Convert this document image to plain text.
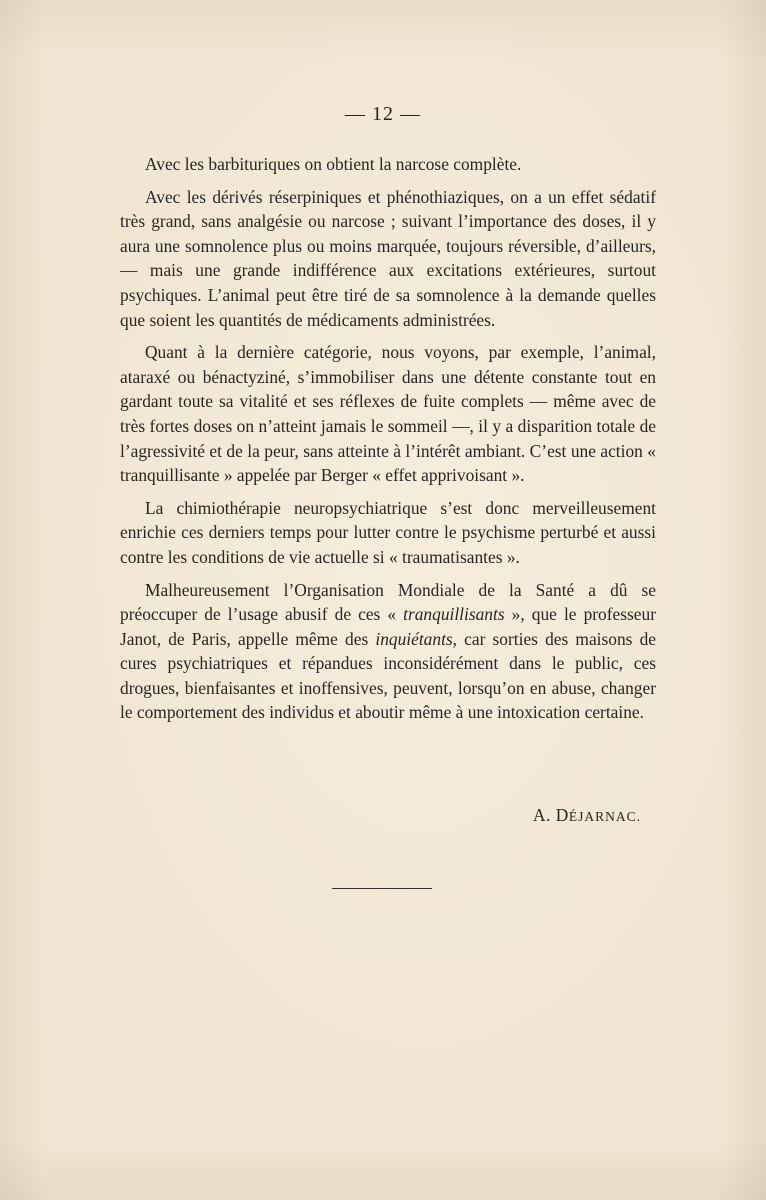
— 12 —

Avec les barbituriques on obtient la narcose complète.

Avec les dérivés réserpiniques et phénothiaziques, on a un effet sédatif très grand, sans analgésie ou narcose ; suivant l’importance des doses, il y aura une somnolence plus ou moins marquée, toujours réversible, d’ailleurs, — mais une grande indifférence aux excitations extérieures, surtout psychiques. L’animal peut être tiré de sa somnolence à la demande quelles que soient les quantités de médicaments administrées.

Quant à la dernière catégorie, nous voyons, par exemple, l’animal, ataraxé ou bénactyziné, s’immobiliser dans une détente constante tout en gardant toute sa vitalité et ses réflexes de fuite complets — même avec de très fortes doses on n’atteint jamais le sommeil —, il y a disparition totale de l’agressivité et de la peur, sans atteinte à l’intérêt ambiant. C’est une action « tranquillisante » appelée par Berger « effet apprivoisant ».

La chimiothérapie neuropsychiatrique s’est donc merveilleusement enrichie ces derniers temps pour lutter contre le psychisme perturbé et aussi contre les conditions de vie actuelle si « traumatisantes ».

Malheureusement l’Organisation Mondiale de la Santé a dû se préoccuper de l’usage abusif de ces « tranquillisants », que le professeur Janot, de Paris, appelle même des inquiétants, car sorties des maisons de cures psychiatriques et répandues inconsidérément dans le public, ces drogues, bienfaisantes et inoffensives, peuvent, lorsqu’on en abuse, changer le comportement des individus et aboutir même à une intoxication certaine.

A. DÉJARNAC.
